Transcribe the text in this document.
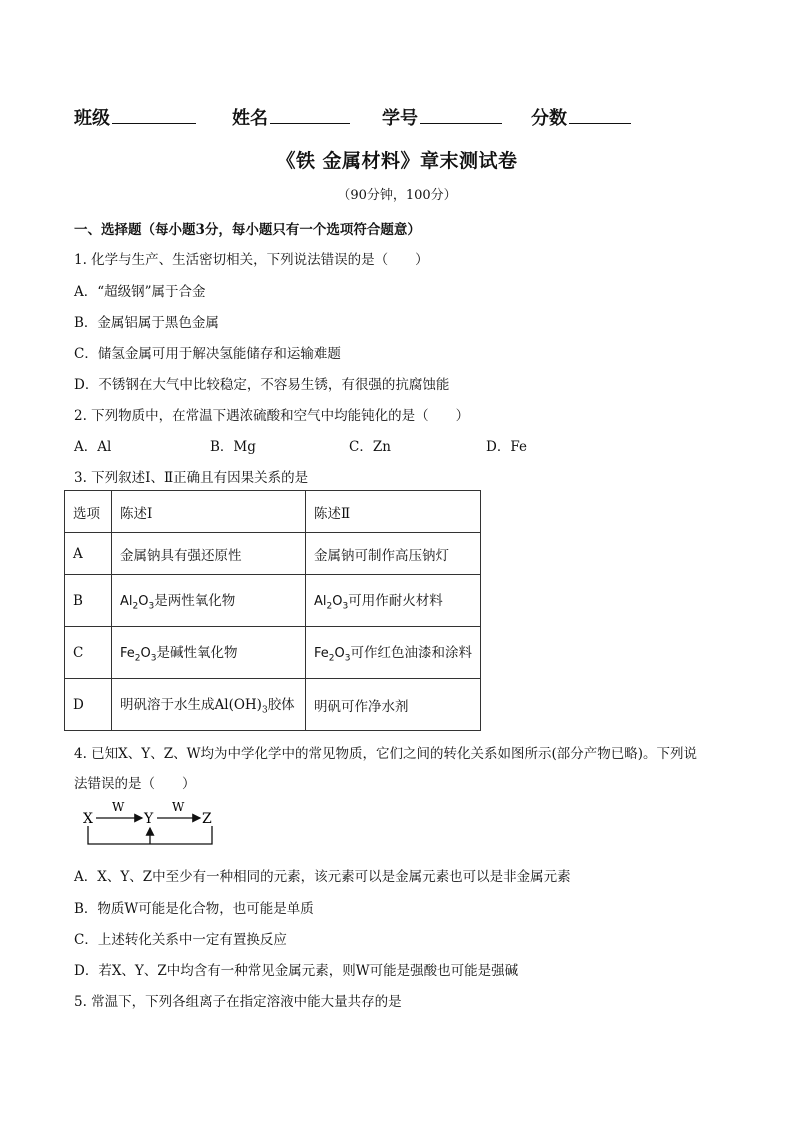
班级	姓名	学号	分数
《铁 金属材料》章末测试卷
（90分钟，100分）
一、选择题（每小题3分，每小题只有一个选项符合题意）
1. 化学与生产、生活密切相关，下列说法错误的是（　　）
A．“超级钢”属于合金
B．金属铝属于黑色金属
C．储氢金属可用于解决氢能储存和运输难题
D．不锈钢在大气中比较稳定，不容易生锈，有很强的抗腐蚀能
2. 下列物质中，在常温下遇浓硫酸和空气中均能钝化的是（　　）
A．Al	B．Mg	C．Zn	D．Fe
3. 下列叙述Ⅰ、Ⅱ正确且有因果关系的是
选项	陈述Ⅰ	陈述Ⅱ
A	金属钠具有强还原性	金属钠可制作高压钠灯
B	$Al_2O_3$是两性氧化物	$Al_2O_3$可用作耐火材料
C	$Fe_2O_3$是碱性氧化物	$Fe_2O_3$可作红色油漆和涂料
D	明矾溶于水生成$Al(OH)_3$胶体	明矾可作净水剂
4. 已知X、Y、Z、W均为中学化学中的常见物质，它们之间的转化关系如图所示(部分产物已略)。下列说
法错误的是（　　）
X	Y	Z
W	W
A．X、Y、Z中至少有一种相同的元素，该元素可以是金属元素也可以是非金属元素
B．物质W可能是化合物，也可能是单质
C．上述转化关系中一定有置换反应
D．若X、Y、Z中均含有一种常见金属元素，则W可能是强酸也可能是强碱
5. 常温下，下列各组离子在指定溶液中能大量共存的是
